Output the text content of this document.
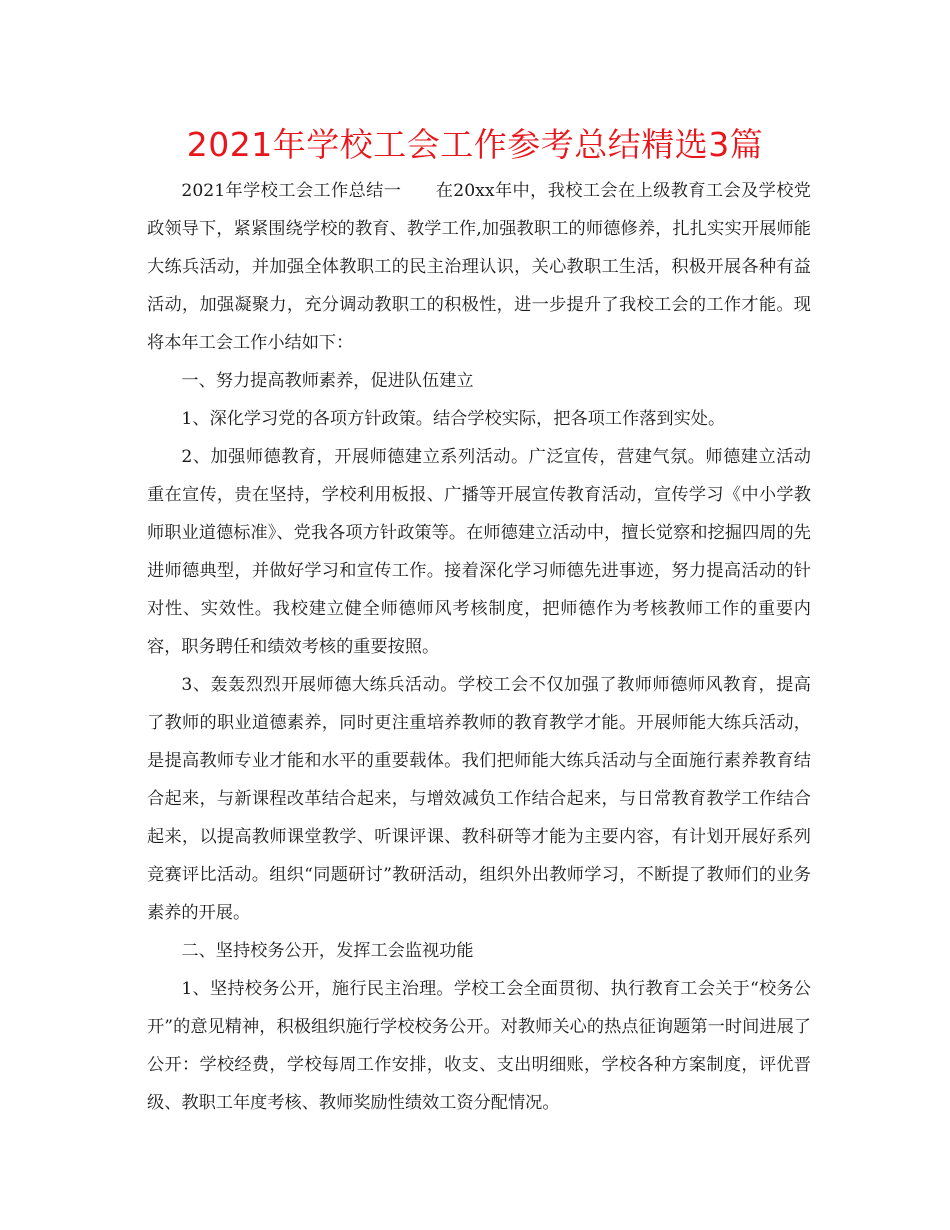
2021年学校工会工作参考总结精选3篇

2021年学校工会工作总结一 在20xx年中，我校工会在上级教育工会及学校党政领导下，紧紧围绕学校的教育、教学工作,加强教职工的师德修养，扎扎实实开展师能大练兵活动，并加强全体教职工的民主治理认识，关心教职工生活，积极开展各种有益活动，加强凝聚力，充分调动教职工的积极性，进一步提升了我校工会的工作才能。现将本年工会工作小结如下：

一、努力提高教师素养，促进队伍建立

1、深化学习党的各项方针政策。结合学校实际，把各项工作落到实处。

2、加强师德教育，开展师德建立系列活动。广泛宣传，营建气氛。师德建立活动重在宣传，贵在坚持，学校利用板报、广播等开展宣传教育活动，宣传学习《中小学教师职业道德标准》、党我各项方针政策等。在师德建立活动中，擅长觉察和挖掘四周的先进师德典型，并做好学习和宣传工作。接着深化学习师德先进事迹，努力提高活动的针对性、实效性。我校建立健全师德师风考核制度，把师德作为考核教师工作的重要内容，职务聘任和绩效考核的重要按照。

3、轰轰烈烈开展师德大练兵活动。学校工会不仅加强了教师师德师风教育，提高了教师的职业道德素养，同时更注重培养教师的教育教学才能。开展师能大练兵活动，是提高教师专业才能和水平的重要载体。我们把师能大练兵活动与全面施行素养教育结合起来，与新课程改革结合起来，与增效减负工作结合起来，与日常教育教学工作结合起来，以提高教师课堂教学、听课评课、教科研等才能为主要内容，有计划开展好系列竞赛评比活动。组织“同题研讨”教研活动，组织外出教师学习，不断提了教师们的业务素养的开展。

二、坚持校务公开，发挥工会监视功能

1、坚持校务公开，施行民主治理。学校工会全面贯彻、执行教育工会关于“校务公开”的意见精神，积极组织施行学校校务公开。对教师关心的热点征询题第一时间进展了公开：学校经费，学校每周工作安排，收支、支出明细账，学校各种方案制度，评优晋级、教职工年度考核、教师奖励性绩效工资分配情况。
